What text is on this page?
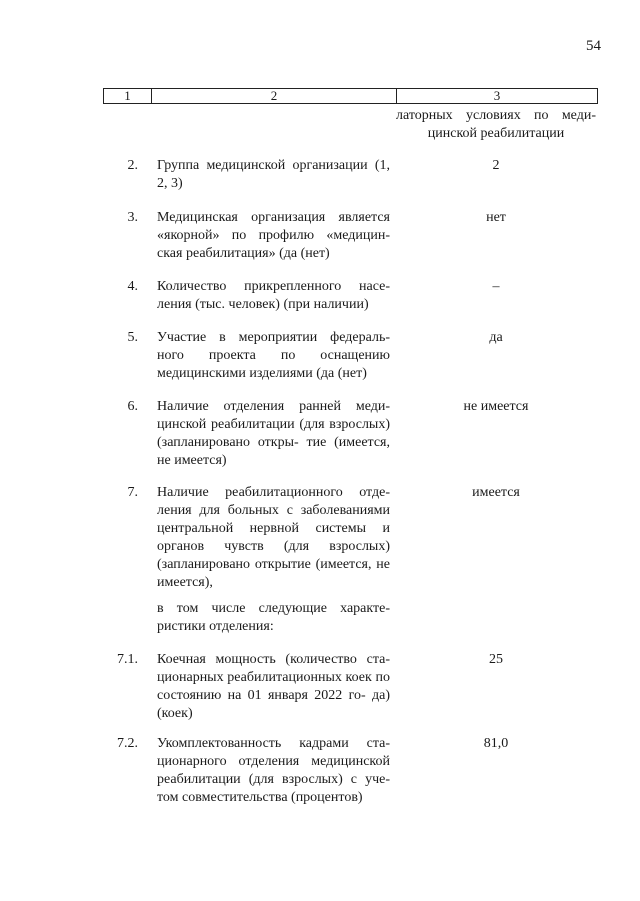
54
1	2	3
латорных условиях по меди- цинской реабилитации
2. Группа медицинской организации (1, 2, 3)
2
3. Медицинская организация является «якорной» по профилю «медицин- ская реабилитация» (да (нет)
нет
4. Количество прикрепленного насе- ления (тыс. человек) (при наличии)
–
5. Участие в мероприятии федераль- ного проекта по оснащению медицинскими изделиями (да (нет)
да
6. Наличие отделения ранней меди- цинской реабилитации (для взрослых) (запланировано откры- тие (имеется, не имеется)
не имеется
7. Наличие реабилитационного отде- ления для больных с заболеваниями центральной нервной системы и органов чувств (для взрослых) (запланировано открытие (имеется, не имеется),
имеется
в том числе следующие характе- ристики отделения:
7.1. Коечная мощность (количество ста- ционарных реабилитационных коек по состоянию на 01 января 2022 го- да) (коек)
25
7.2. Укомплектованность кадрами ста- ционарного отделения медицинской реабилитации (для взрослых) с уче- том совместительства (процентов)
81,0
